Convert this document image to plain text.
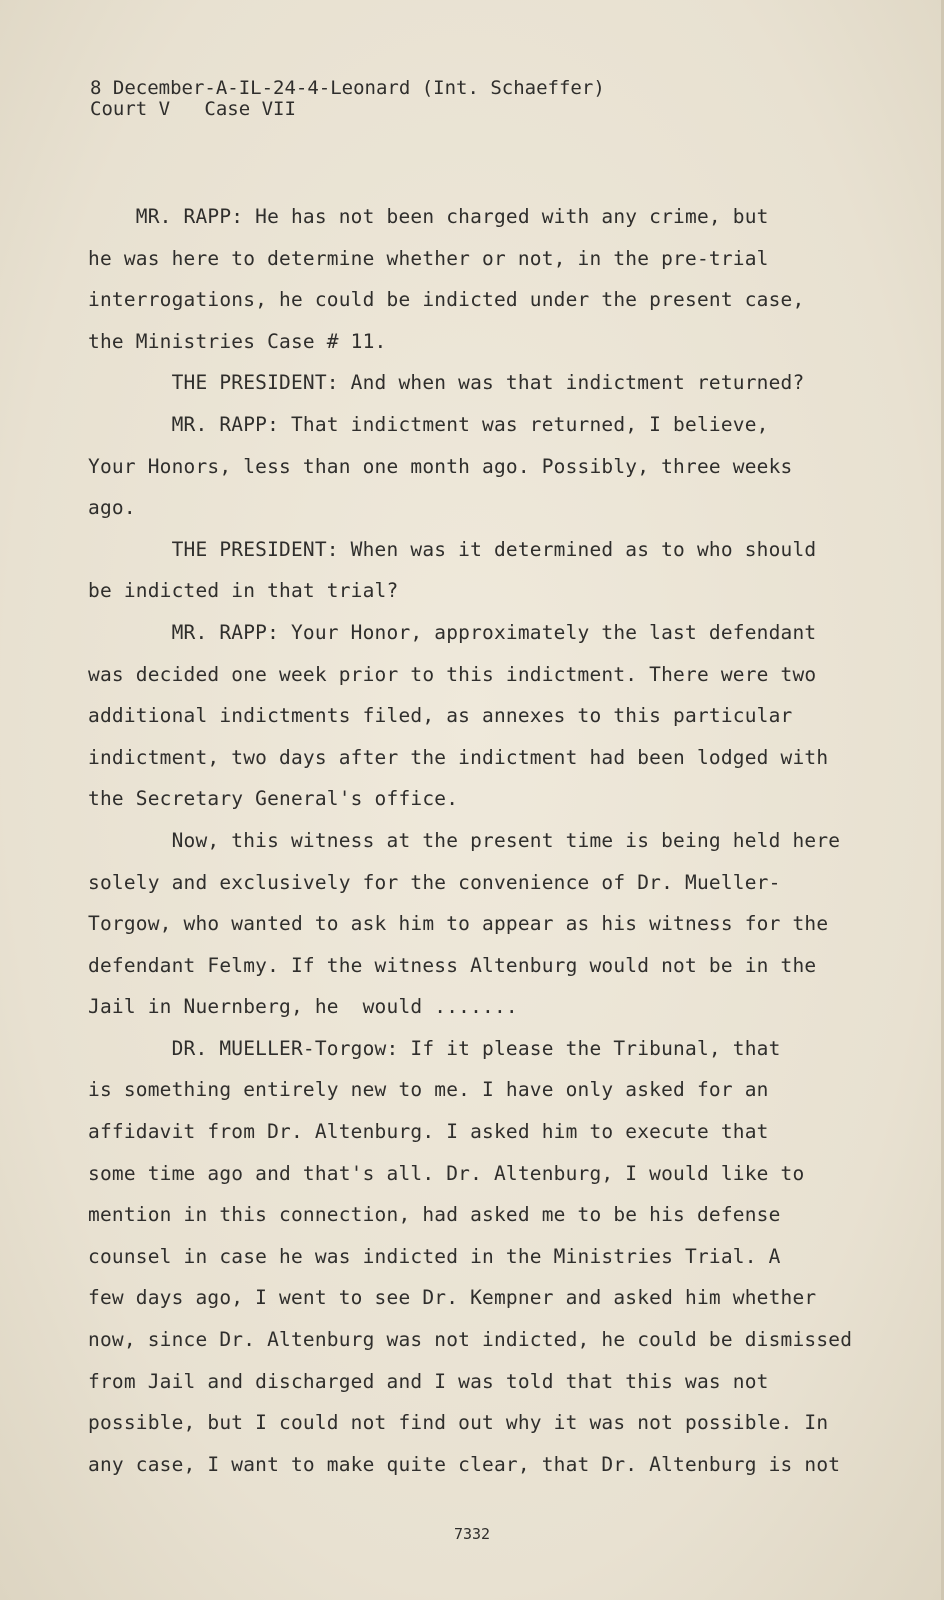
8 December-A-IL-24-4-Leonard (Int. Schaeffer)
Court V   Case VII
MR. RAPP: He has not been charged with any crime, but
he was here to determine whether or not, in the pre-trial
interrogations, he could be indicted under the present case,
the Ministries Case # 11.
THE PRESIDENT: And when was that indictment returned?
MR. RAPP: That indictment was returned, I believe,
Your Honors, less than one month ago. Possibly, three weeks
ago.
THE PRESIDENT: When was it determined as to who should
be indicted in that trial?
MR. RAPP: Your Honor, approximately the last defendant
was decided one week prior to this indictment. There were two
additional indictments filed, as annexes to this particular
indictment, two days after the indictment had been lodged with
the Secretary General's office.
Now, this witness at the present time is being held here
solely and exclusively for the convenience of Dr. Mueller-
Torgow, who wanted to ask him to appear as his witness for the
defendant Felmy. If the witness Altenburg would not be in the
Jail in Nuernberg, he  would .......
DR. MUELLER-Torgow: If it please the Tribunal, that
is something entirely new to me. I have only asked for an
affidavit from Dr. Altenburg. I asked him to execute that
some time ago and that's all. Dr. Altenburg, I would like to
mention in this connection, had asked me to be his defense
counsel in case he was indicted in the Ministries Trial. A
few days ago, I went to see Dr. Kempner and asked him whether
now, since Dr. Altenburg was not indicted, he could be dismissed
from Jail and discharged and I was told that this was not
possible, but I could not find out why it was not possible. In
any case, I want to make quite clear, that Dr. Altenburg is not
7332
